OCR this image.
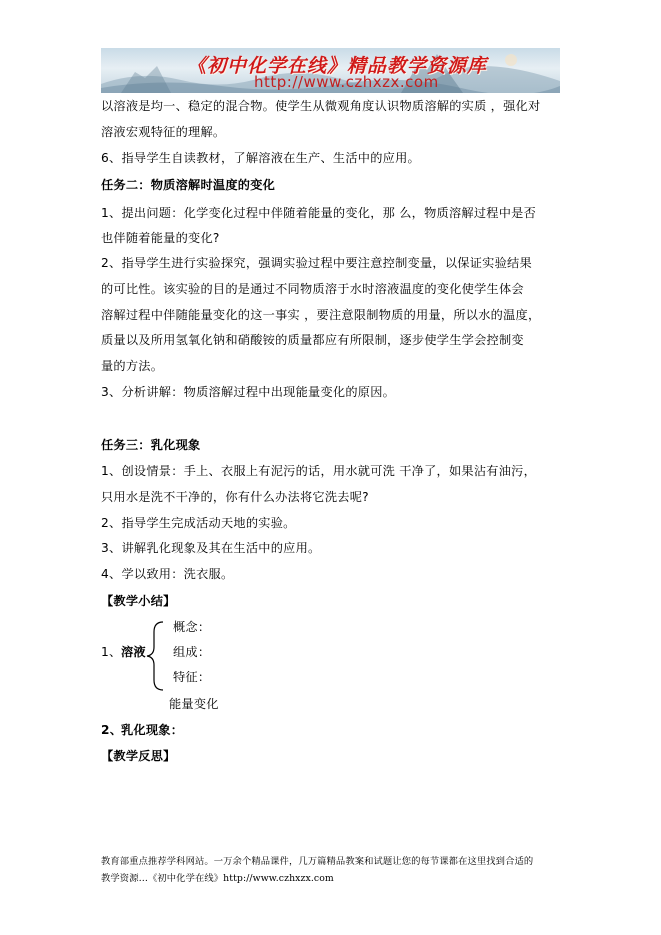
《初中化学在线》精品教学资源库
http://www.czhxzx.com
以溶液是均一、稳定的混合物。使学生从微观角度认识物质溶解的实质 ，强化对
溶液宏观特征的理解。
6、指导学生自读教材，了解溶液在生产、生活中的应用。
任务二：物质溶解时温度的变化
1、提出问题：化学变化过程中伴随着能量的变化，那 么，物质溶解过程中是否
也伴随着能量的变化?
2、指导学生进行实验探究，强调实验过程中要注意控制变量，以保证实验结果
的可比性。该实验的目的是通过不同物质溶于水时溶液温度的变化使学生体会
溶解过程中伴随能量变化的这一事实 ，要注意限制物质的用量，所以水的温度，
质量以及所用氢氧化钠和硝酸铵的质量都应有所限制，逐步使学生学会控制变
量的方法。
3、分析讲解：物质溶解过程中出现能量变化的原因。
任务三：乳化现象
1、创设情景：手上、衣服上有泥污的话，用水就可洗 干净了，如果沾有油污，
只用水是洗不干净的，你有什么办法将它洗去呢?
2、指导学生完成活动天地的实验。
3、讲解乳化现象及其在生活中的应用。
4、学以致用：洗衣服。
【教学小结】
1、 溶液
概念：
组成：
特征：
能量变化
2、
乳化现象：
【教学反思】
教育部重点推荐学科网站。一万余个精品课件，几万篇精品教案和试题让您的每节课都在这里找到合适的
教学资源…《初中化学在线》http://www.czhxzx.com
